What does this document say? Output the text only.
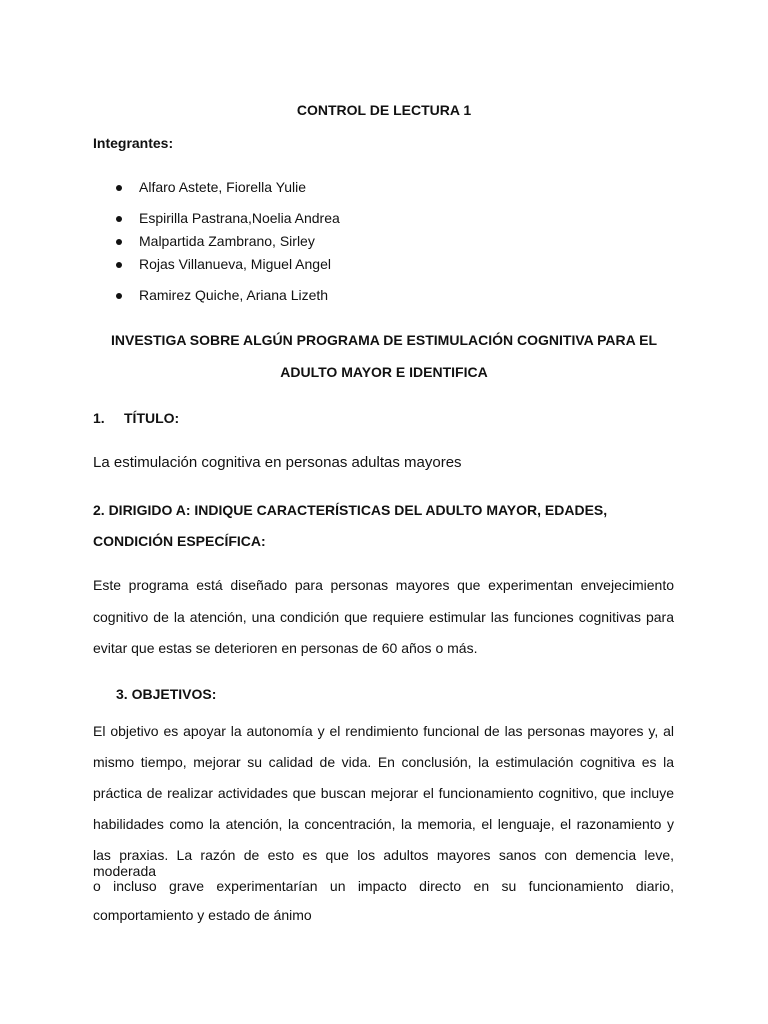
CONTROL DE LECTURA 1
Integrantes:
Alfaro Astete, Fiorella Yulie
Espirilla Pastrana,Noelia Andrea
Malpartida Zambrano, Sirley
Rojas Villanueva, Miguel Angel
Ramirez Quiche, Ariana Lizeth
INVESTIGA SOBRE ALGÚN PROGRAMA DE ESTIMULACIÓN COGNITIVA PARA EL
ADULTO MAYOR E IDENTIFICA
1. TÍTULO:
La estimulación cognitiva en personas adultas mayores
2. DIRIGIDO A: INDIQUE CARACTERÍSTICAS DEL ADULTO MAYOR, EDADES,
CONDICIÓN ESPECÍFICA:
Este programa está diseñado para personas mayores que experimentan envejecimiento
cognitivo de la atención, una condición que requiere estimular las funciones cognitivas para
evitar que estas se deterioren en personas de 60 años o más.
3. OBJETIVOS:
El objetivo es apoyar la autonomía y el rendimiento funcional de las personas mayores y, al
mismo tiempo, mejorar su calidad de vida. En conclusión, la estimulación cognitiva es la
práctica de realizar actividades que buscan mejorar el funcionamiento cognitivo, que incluye
habilidades como la atención, la concentración, la memoria, el lenguaje, el razonamiento y
las praxias. La razón de esto es que los adultos mayores sanos con demencia leve, moderada
o incluso grave experimentarían un impacto directo en su funcionamiento diario,
comportamiento y estado de ánimo
